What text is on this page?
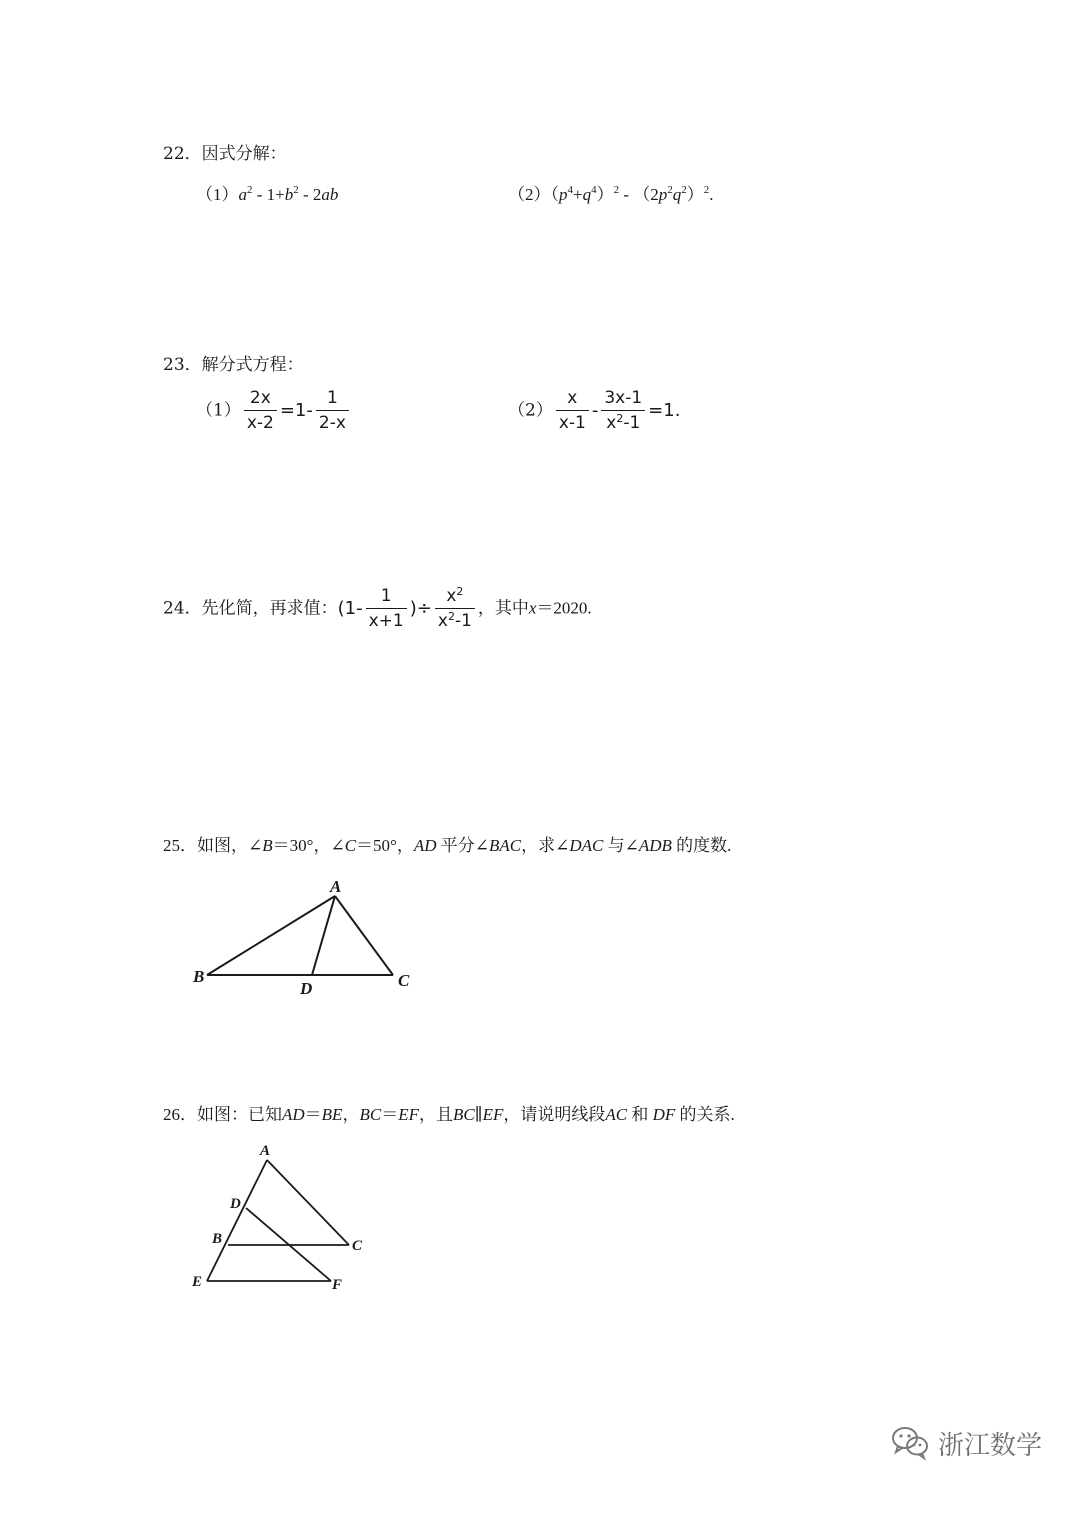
22．因式分解：
$(1)a^2 - 1+b^2 - 2ab$	$(2)(p^4+q^4)^2 - (2p^2q^2)^2$.
23．解分式方程：
$(1) \frac{2x}{x-2} =1- \frac{1}{2-x}$	$(2) \frac{x}{x-1} - \frac{3x-1}{x^2-1} =1$.
24．先化简，再求值：($1- \frac{1}{x+1}$ )÷ $\frac{x^2}{x^2-1}$ ，其中x＝2020.
25．如图，∠B＝30°，∠C＝50°，AD 平分∠BAC，求∠DAC 与∠ADB 的度数.
A
B	C
D
26．如图：已知AD＝BE，BC＝EF，且BC∥EF，请说明线段AC 和 DF 的关系.
A
D
B	C
E	F
浙江数学
